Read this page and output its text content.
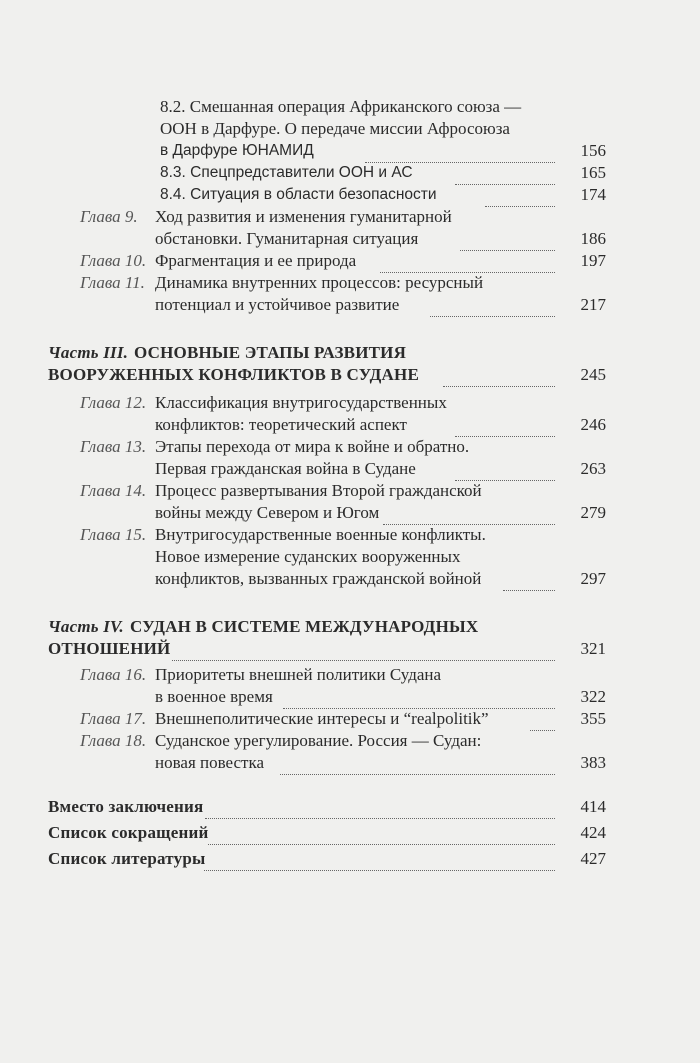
8.2. Смешанная операция Африканского союза —
ООН в Дарфуре. О передаче миссии Афросоюза
в Дарфуре ЮНАМИД	156
8.3. Спецпредставители ООН и АС	165
8.4. Ситуация в области безопасности	174
Глава 9. Ход развития и изменения гуманитарной
обстановки. Гуманитарная ситуация	186
Глава 10. Фрагментация и ее природа	197
Глава 11. Динамика внутренних процессов: ресурсный
потенциал и устойчивое развитие	217
Часть III. ОСНОВНЫЕ ЭТАПЫ РАЗВИТИЯ
ВООРУЖЕННЫХ КОНФЛИКТОВ В СУДАНЕ	245
Глава 12. Классификация внутригосударственных
конфликтов: теоретический аспект	246
Глава 13. Этапы перехода от мира к войне и обратно.
Первая гражданская война в Судане	263
Глава 14. Процесс развертывания Второй гражданской
войны между Севером и Югом	279
Глава 15. Внутригосударственные военные конфликты.
Новое измерение суданских вооруженных
конфликтов, вызванных гражданской войной	297
Часть IV. СУДАН В СИСТЕМЕ МЕЖДУНАРОДНЫХ
ОТНОШЕНИЙ	321
Глава 16. Приоритеты внешней политики Судана
в военное время	322
Глава 17. Внешнеполитические интересы и “realpolitik”	355
Глава 18. Суданское урегулирование. Россия — Судан:
новая повестка	383
Вместо заключения	414
Список сокращений	424
Список литературы	427
